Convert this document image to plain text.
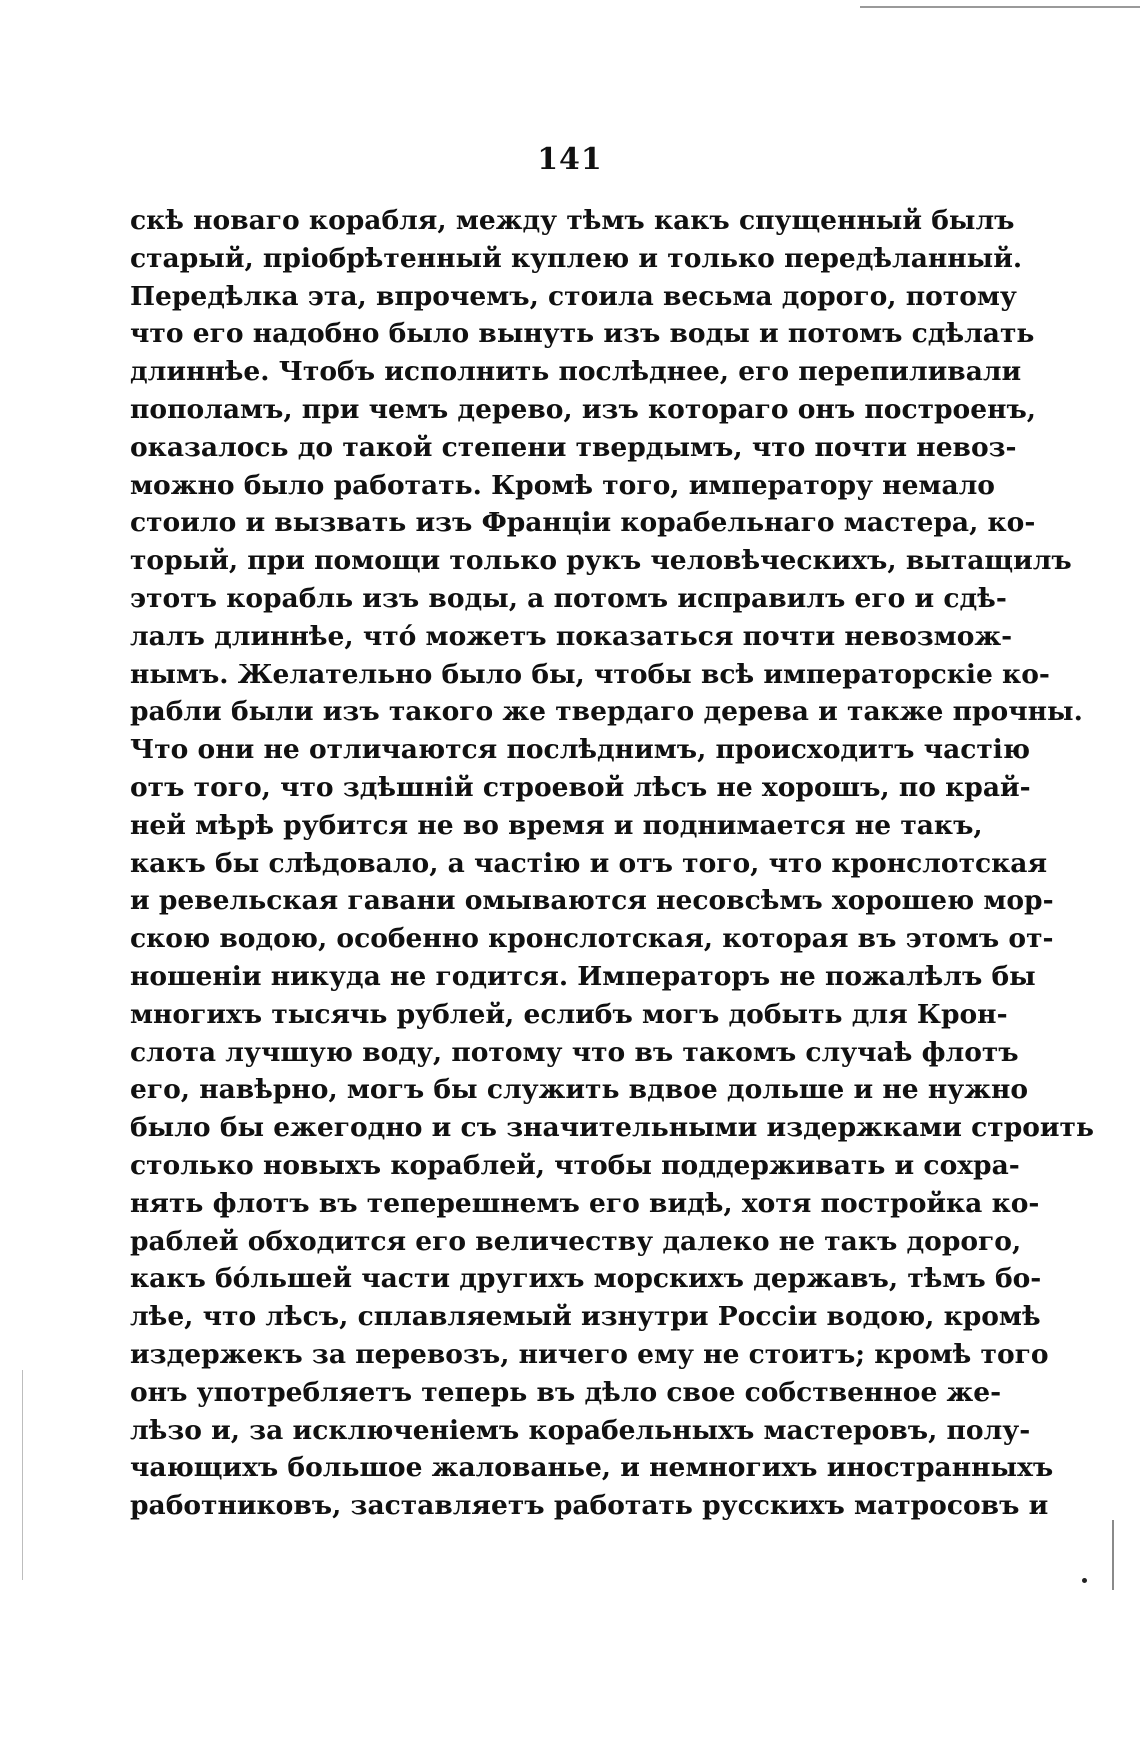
141
скѣ новаго корабля, между тѣмъ какъ спущенный былъ
старый, пріобрѣтенный куплею и только передѣланный.
Передѣлка эта, впрочемъ, стоила весьма дорого, потому
что его надобно было вынуть изъ воды и потомъ сдѣлать
длиннѣе. Чтобъ исполнить послѣднее, его перепиливали
пополамъ, при чемъ дерево, изъ котораго онъ построенъ,
оказалось до такой степени твердымъ, что почти невоз-
можно было работать. Кромѣ того, императору немало
стоило и вызвать изъ Франціи корабельнаго мастера, ко-
торый, при помощи только рукъ человѣческихъ, вытащилъ
этотъ корабль изъ воды, а потомъ исправилъ его и сдѣ-
лалъ длиннѣе, чтó можетъ показаться почти невозмож-
нымъ. Желательно было бы, чтобы всѣ императорскіе ко-
рабли были изъ такого же твердаго дерева и также прочны.
Что они не отличаются послѣднимъ, происходитъ частію
отъ того, что здѣшній строевой лѣсъ не хорошъ, по край-
ней мѣрѣ рубится не во время и поднимается не такъ,
какъ бы слѣдовало, а частію и отъ того, что кронслотская
и ревельская гавани омываются несовсѣмъ хорошею мор-
скою водою, особенно кронслотская, которая въ этомъ от-
ношеніи никуда не годится. Императоръ не пожалѣлъ бы
многихъ тысячь рублей, еслибъ могъ добыть для Крон-
слота лучшую воду, потому что въ такомъ случаѣ флотъ
его, навѣрно, могъ бы служить вдвое дольше и не нужно
было бы ежегодно и съ значительными издержками строить
столько новыхъ кораблей, чтобы поддерживать и сохра-
нять флотъ въ теперешнемъ его видѣ, хотя постройка ко-
раблей обходится его величеству далеко не такъ дорого,
какъ бóльшей части другихъ морскихъ державъ, тѣмъ бо-
лѣе, что лѣсъ, сплавляемый изнутри Россіи водою, кромѣ
издержекъ за перевозъ, ничего ему не стоитъ; кромѣ того
онъ употребляетъ теперь въ дѣло свое собственное же-
лѣзо и, за исключеніемъ корабельныхъ мастеровъ, полу-
чающихъ большое жалованье, и немногихъ иностранныхъ
работниковъ, заставляетъ работать русскихъ матросовъ и
